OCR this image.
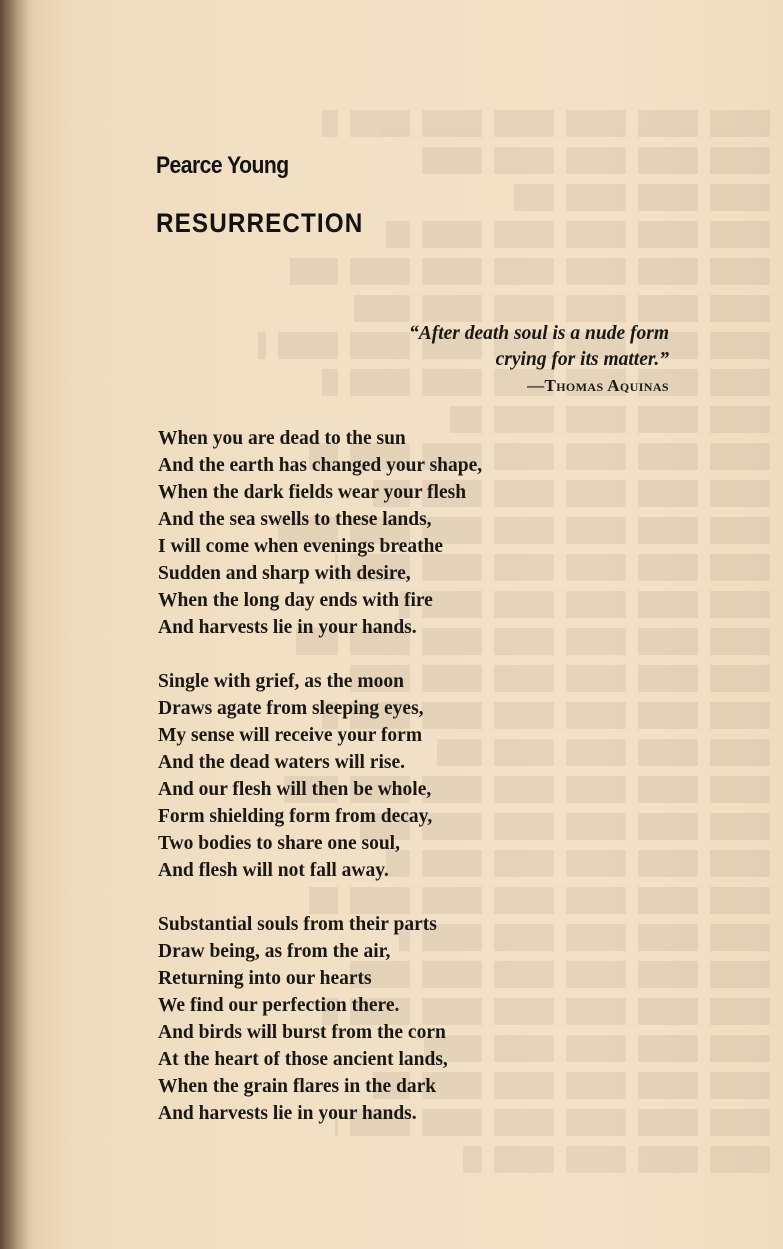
Pearce Young
RESURRECTION
“After death soul is a nude form
crying for its matter.”
—Thomas Aquinas
When you are dead to the sun
And the earth has changed your shape,
When the dark fields wear your flesh
And the sea swells to these lands,
I will come when evenings breathe
Sudden and sharp with desire,
When the long day ends with fire
And harvests lie in your hands.
Single with grief, as the moon
Draws agate from sleeping eyes,
My sense will receive your form
And the dead waters will rise.
And our flesh will then be whole,
Form shielding form from decay,
Two bodies to share one soul,
And flesh will not fall away.
Substantial souls from their parts
Draw being, as from the air,
Returning into our hearts
We find our perfection there.
And birds will burst from the corn
At the heart of those ancient lands,
When the grain flares in the dark
And harvests lie in your hands.
